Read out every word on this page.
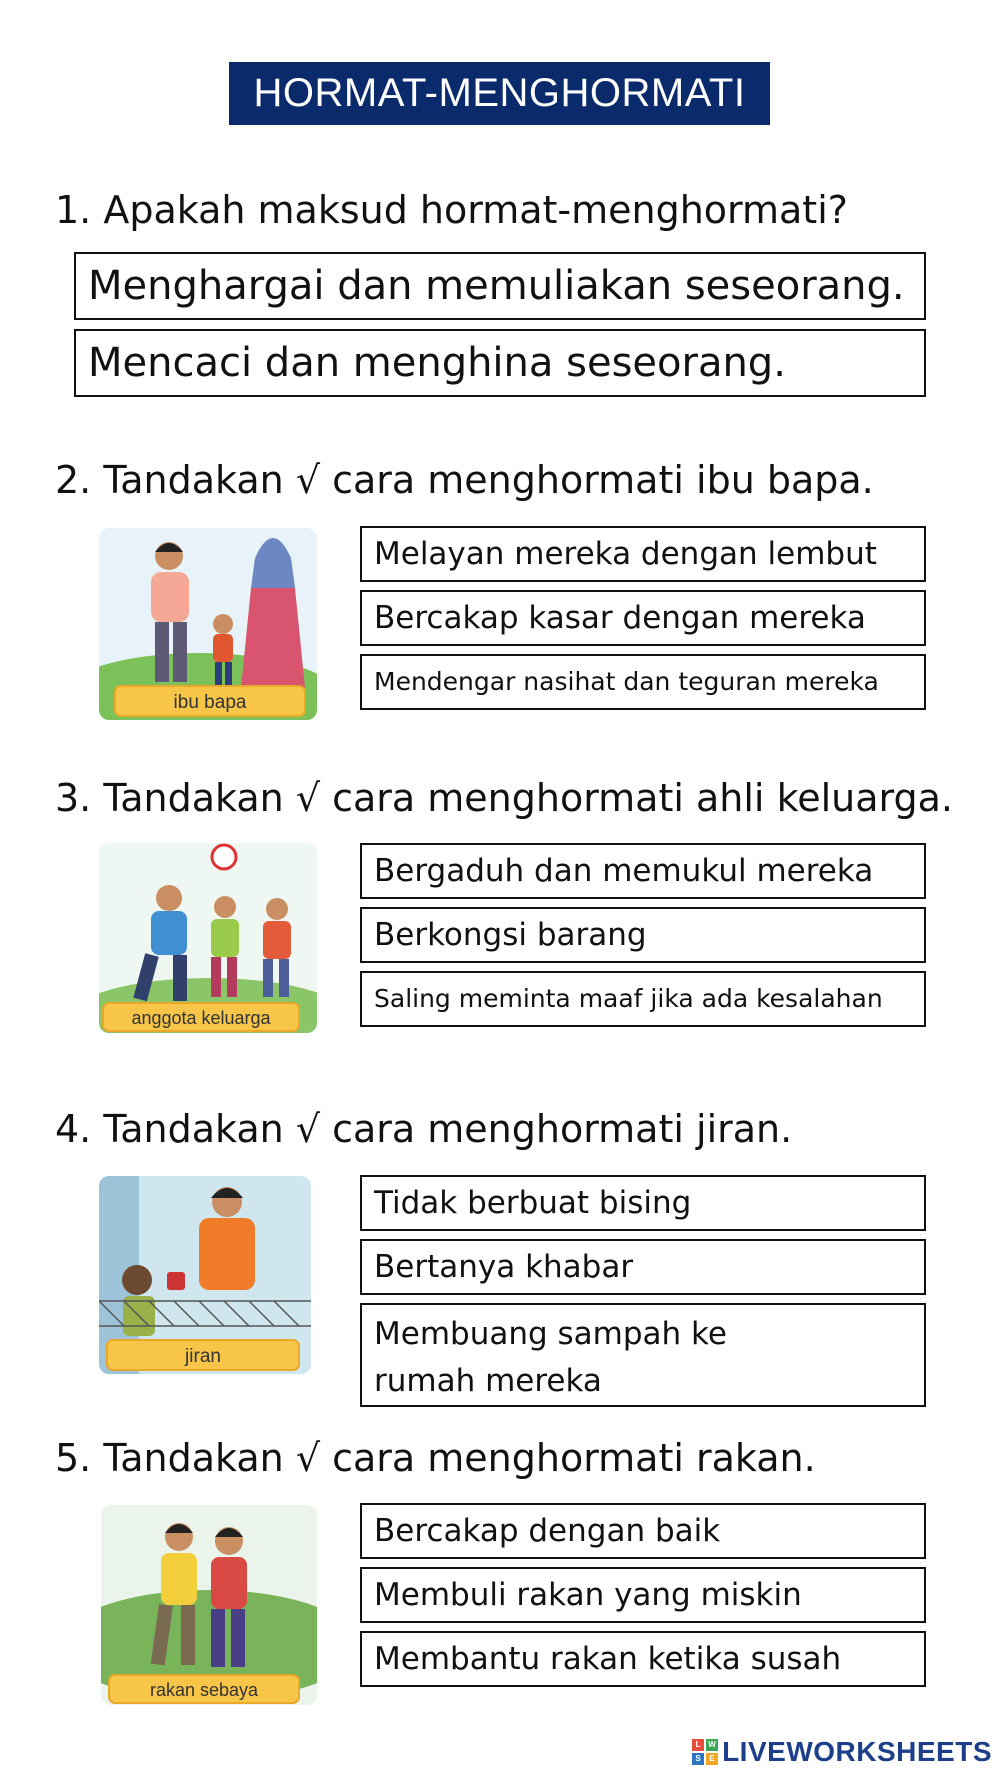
HORMAT-MENGHORMATI
1. Apakah maksud hormat-menghormati?
Menghargai dan memuliakan seseorang.
Mencaci dan menghina seseorang.
2. Tandakan √ cara menghormati ibu bapa.
ibu bapa
Melayan mereka dengan lembut
Bercakap kasar dengan mereka
Mendengar nasihat dan teguran mereka
3. Tandakan √ cara menghormati ahli keluarga.
anggota keluarga
Bergaduh dan memukul mereka
Berkongsi barang
Saling meminta maaf jika ada kesalahan
4. Tandakan √ cara menghormati jiran.
jiran
Tidak berbuat bising
Bertanya khabar
Membuang sampah ke rumah mereka
5. Tandakan √ cara menghormati rakan.
rakan sebaya
Bercakap dengan baik
Membuli rakan yang miskin
Membantu rakan ketika susah
L W
S	E LIVEWORKSHEETS
